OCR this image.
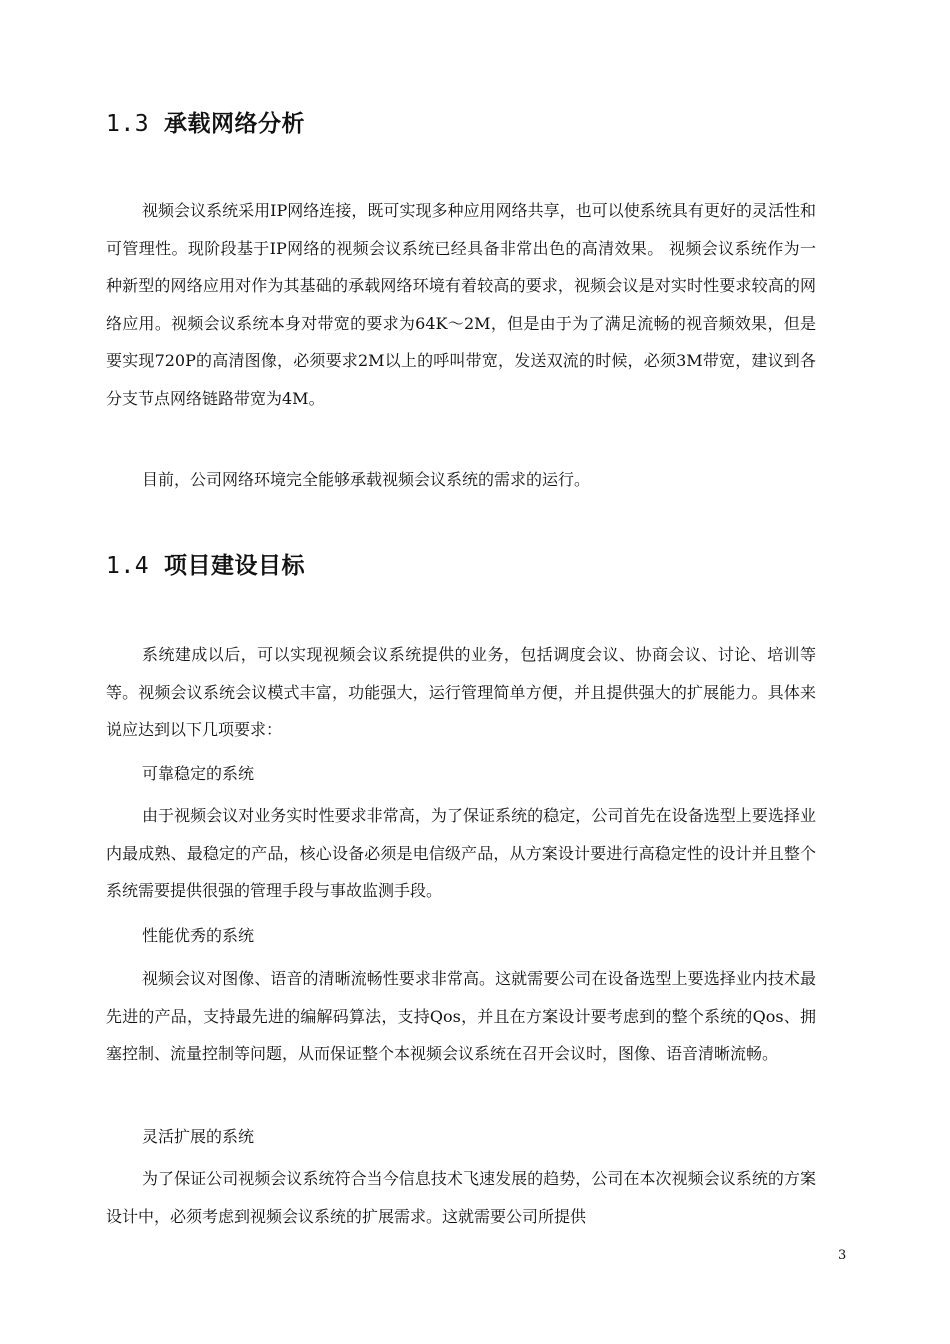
1.3 承载网络分析

视频会议系统采用IP网络连接，既可实现多种应用网络共享，也可以使系统具有更好的灵活性和可管理性。现阶段基于IP网络的视频会议系统已经具备非常出色的高清效果。 视频会议系统作为一种新型的网络应用对作为其基础的承载网络环境有着较高的要求，视频会议是对实时性要求较高的网络应用。视频会议系统本身对带宽的要求为64K～2M，但是由于为了满足流畅的视音频效果，但是要实现720P的高清图像，必须要求2M以上的呼叫带宽，发送双流的时候，必须3M带宽，建议到各分支节点网络链路带宽为4M。

目前，公司网络环境完全能够承载视频会议系统的需求的运行。

1.4 项目建设目标

系统建成以后，可以实现视频会议系统提供的业务，包括调度会议、协商会议、讨论、培训等等。视频会议系统会议模式丰富，功能强大，运行管理简单方便，并且提供强大的扩展能力。具体来说应达到以下几项要求：

可靠稳定的系统

由于视频会议对业务实时性要求非常高，为了保证系统的稳定，公司首先在设备选型上要选择业内最成熟、最稳定的产品，核心设备必须是电信级产品，从方案设计要进行高稳定性的设计并且整个系统需要提供很强的管理手段与事故监测手段。

性能优秀的系统

视频会议对图像、语音的清晰流畅性要求非常高。这就需要公司在设备选型上要选择业内技术最先进的产品，支持最先进的编解码算法，支持Qos，并且在方案设计要考虑到的整个系统的Qos、拥塞控制、流量控制等问题，从而保证整个本视频会议系统在召开会议时，图像、语音清晰流畅。

灵活扩展的系统

为了保证公司视频会议系统符合当今信息技术飞速发展的趋势，公司在本次视频会议系统的方案设计中，必须考虑到视频会议系统的扩展需求。这就需要公司所提供

3
